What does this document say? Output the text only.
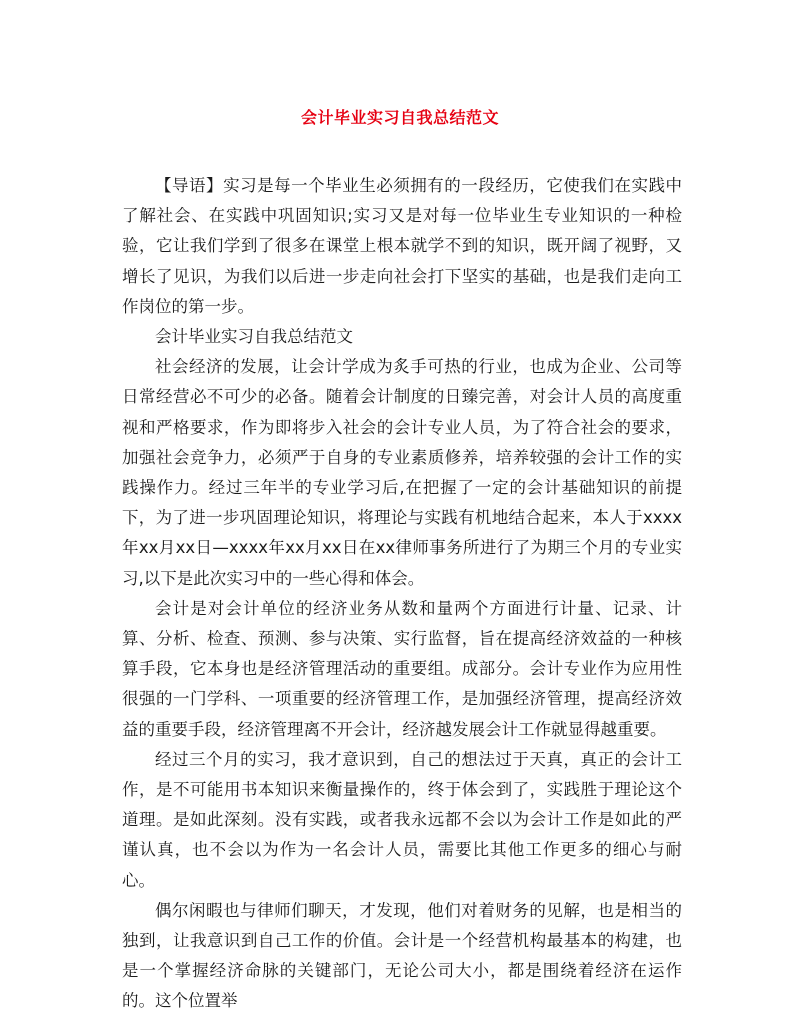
会计毕业实习自我总结范文

【导语】实习是每一个毕业生必须拥有的一段经历，它使我们在实践中了解社会、在实践中巩固知识;实习又是对每一位毕业生专业知识的一种检验，它让我们学到了很多在课堂上根本就学不到的知识，既开阔了视野，又增长了见识，为我们以后进一步走向社会打下坚实的基础，也是我们走向工作岗位的第一步。

会计毕业实习自我总结范文

社会经济的发展，让会计学成为炙手可热的行业，也成为企业、公司等日常经营必不可少的必备。随着会计制度的日臻完善，对会计人员的高度重视和严格要求，作为即将步入社会的会计专业人员，为了符合社会的要求，加强社会竞争力，必须严于自身的专业素质修养，培养较强的会计工作的实践操作力。经过三年半的专业学习后,在把握了一定的会计基础知识的前提下，为了进一步巩固理论知识，将理论与实践有机地结合起来，本人于xxxx年xx月xx日—xxxx年xx月xx日在xx律师事务所进行了为期三个月的专业实习,以下是此次实习中的一些心得和体会。

会计是对会计单位的经济业务从数和量两个方面进行计量、记录、计算、分析、检查、预测、参与决策、实行监督，旨在提高经济效益的一种核算手段，它本身也是经济管理活动的重要组。成部分。会计专业作为应用性很强的一门学科、一项重要的经济管理工作，是加强经济管理，提高经济效益的重要手段，经济管理离不开会计，经济越发展会计工作就显得越重要。

经过三个月的实习，我才意识到，自己的想法过于天真，真正的会计工作，是不可能用书本知识来衡量操作的，终于体会到了，实践胜于理论这个道理。是如此深刻。没有实践，或者我永远都不会以为会计工作是如此的严谨认真，也不会以为作为一名会计人员，需要比其他工作更多的细心与耐心。

偶尔闲暇也与律师们聊天，才发现，他们对着财务的见解，也是相当的独到，让我意识到自己工作的价值。会计是一个经营机构最基本的构建，也是一个掌握经济命脉的关键部门，无论公司大小，都是围绕着经济在运作的。这个位置举
